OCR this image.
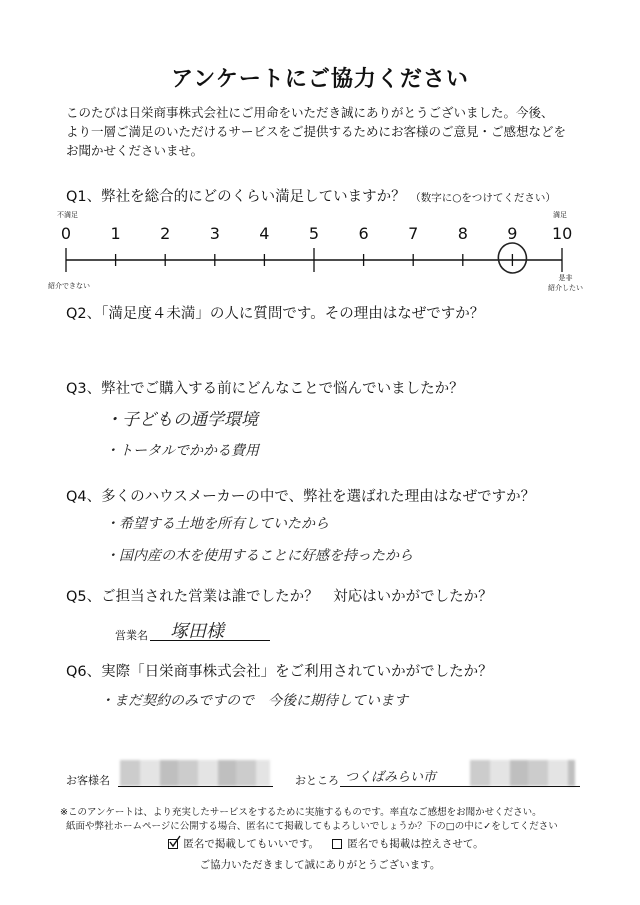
アンケートにご協力ください
このたびは日栄商事株式会社にご用命をいただき誠にありがとうございました。今後、
より一層ご満足のいただけるサービスをご提供するためにお客様のご意見・ご感想などを
お聞かせくださいませ。
Q1、弊社を総合的にどのくらい満足していますか？ （数字に○をつけてください）
不満足	満足
0	1	2	3	4	5	6	7	8	9	10
紹介できない
是非
紹介したい
Q2、「満足度４未満」の人に質問です。その理由はなぜですか？
Q3、弊社でご購入する前にどんなことで悩んでいましたか？
・子どもの通学環境
・トータルでかかる費用
Q4、多くのハウスメーカーの中で、弊社を選ばれた理由はなぜですか？
・希望する土地を所有していたから
・国内産の木を使用することに好感を持ったから
Q5、ご担当された営業は誰でしたか？　対応はいかがでしたか？
営業名 塚田様
Q6、実際「日栄商事株式会社」をご利用されていかがでしたか？
・まだ契約のみですので　今後に期待しています
お客様名	おところ つくばみらい市
※このアンケートは、より充実したサービスをするために実施するものです。率直なご感想をお聞かせください。
紙面や弊社ホームページに公開する場合、匿名にて掲載してもよろしいでしょうか？下の□の中に✓をしてください
匿名で掲載してもいいです。	匿名でも掲載は控えさせて。
ご協力いただきまして誠にありがとうございます。
